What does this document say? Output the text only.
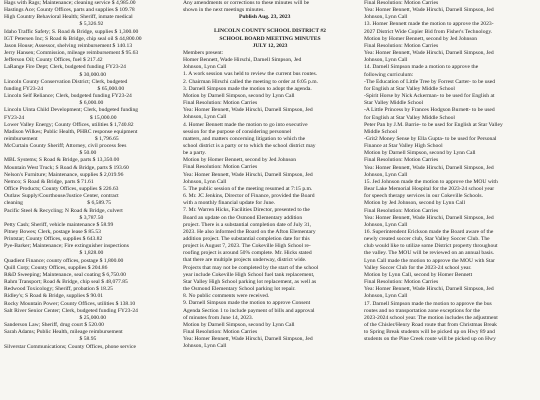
Hags with Rags; Maintenance; cleaning service $ 4,985.00
Hastings Ace; County Offices, parts and supplies $ 109.78
High Country Behavioral Health; Sheriff, inmate medical
$ 5,326.92
Idaho Traffic Safety; S. Road & Bridge, supplies $ 1,300.00
IGT Petersen Inc; S Road & Bridge, chip seal oil $ 44,800.00
Jason House; Assessor, shelving reimbursement $ 140.13
Jerry Hansen; Commission, mileage reimbursement $ 95.63
Jefferson Oil; County Offices, fuel $ 217.42
LaRange Fire Dept; Clerk, budgeted funding FY23-24
$ 30,000.00
Lincoln County Conservation District; Clerk, budgeted
funding FY23-24                                       $ 65,000.00
Lincoln Self Reliance; Clerk, budgeted funding FY23-24
$ 6,000.00
Lincoln Uinta Child Development; Clerk, budgeted funding
FY23-24                                               $ 15,000.00
Lower Valley Energy; County Offices, utilities $ 1,740.82
Madison Wilkes; Public Health, PHRC response equipment
reimbursement                                         $ 1,796.65
McCurtain County Sheriff; Attorney, civil process fees
$ 50.00
MBL Systems; S Road & Bridge, parts $ 13,350.00
Mountain West Truck; S Road & Bridge, parts $ 193.60
Nelson's Furniture; Maintenance, supplies $ 2,019.96
Nemco; S Road & Bridge, parts $ 71.61
Office Products; County Offices, supplies $ 226.63
Outlaw Supply/Courthouse/Justice Center, contract
cleaning                                              $ 6,589.75
Pacific Steel & Recycling; N Road & Bridge, culvert
$ 3,787.50
Petty Cash; Sheriff, vehicle maintenance $ 58.99
Pitney Bowes; Clerk, postage lease $ 85.53
Printstar; County Offices, supplies $ 643.82
Pye-Barker; Maintenance; Fire extinguisher inspections
$ 1,828.00
Quadient Finance; county offices, postage $ 1,800.00
Quill Corp; County Offices, supplies $ 204.86
R&D Sweeping; Maintenance, seal coating $ 6,750.00
Rahm Transport; Road & Bridge, chip seal $ 48,077.85
Redwood Toxicology; Sheriff, probation $ 18.25
Ridley's; S Road & Bridge, supplies $ 90.01
Rocky Mountain Power; County Offices, utilities $ 138.10
Salt River Senior Center; Clerk, budgeted funding FY23-24
$ 25,000.00
Sanderson Law; Sheriff, drug court $ 520.00
Sarah Adams; Public Health, mileage reimbursement
$ 58.95
Silverstar Communications; County Offices, phone service
Any amendments or corrections to these minutes will be
shown in the next meetings minutes.
Publish Aug. 23, 2023
LINCOLN COUNTY SCHOOL DISTRICT #2
SCHOOL BOARD MEETING MINUTES
JULY 12, 2023
Members present:
Homer Bennett, Wade Hirschi, Darnell Simpson, Jed
Johnson, Lynn Call
1. A work session was held to review the current bus routes.
2. Chairman Hirschi called the meeting to order at 6:05 p.m.
3. Darnell Simpson made the motion to adopt the agenda.
Motion by Darnell Simpson, second by Lynn Call
Final Resolution: Motion Carries
Yea: Homer Bennett, Wade Hirschi, Darnell Simpson, Jed
Johnson, Lynn Call
4. Homer Bennett made the motion to go into executive
session for the purpose of considering personnel
matters, and matters concerning litigation to which the
school district is a party or to which the school district may
be a party.
Motion by Homer Bennett, second by Jed Johnson
Final Resolution: Motion Carries
Yea: Homer Bennett, Wade Hirschi, Darnell Simpson, Jed
Johnson, Lynn Call
5. The public session of the meeting resumed at 7:15 p.m.
6. Mr. JC Jenkins, Director of Finance, provided the Board
with a monthly financial update for June.
7. Mr. Warren Hicks, Facilities Director, presented to the
Board an update on the Osmond Elementary addition
project. There is a substantial completion date of July 31,
2023. He also informed the Board on the Afton Elementary
addition project. The substantial completion date for this
project is August 7, 2023. The Cokeville High School re-
roofing project is around 50% complete. Mr. Hicks stated
that there are multiple projects underway, district wide.
Projects that may not be completed by the start of the school
year include Cokeville High School fuel tank replacement,
Star Valley High School parking lot replacement, as well as
the Osmond Elementary School parking lot repair.
8. No public comments were received.
9. Darnell Simpson made the motion to approve Consent
Agenda Section 1 to include payment of bills and approval
of minutes from June 14, 2023.
Motion by Darnell Simpson, second by Lynn Call
Final Resolution: Motion Carries
Yea: Homer Bennett, Wade Hirschi, Darnell Simpson, Jed
Johnson, Lynn Call
Final Resolution: Motion Carries
Yea: Homer Bennett, Wade Hirschi, Darnell Simpson, Jed
Johnson, Lynn Call
13. Homer Bennett made the motion to approve the 2023-
2027 District Wide Copier Bid from Fisher's Technology.
Motion by Homer Bennett, second by Jed Johnson
Final Resolution: Motion Carries
Yea: Homer Bennett, Wade Hirschi, Darnell Simpson, Jed
Johnson, Lynn Call
14. Darnell Simpson made a motion to approve the
following curriculum:
-The Education of Little Tree by Forrest Carter- to be used
for English at Star Valley Middle School
-Spirit Horse by Nick Ackerman- to be used for English at
Star Valley Middle School
-A Little Princess by Frances Hodgson Burnett- to be used
for English at Star Valley Middle School
Peter Pan by J.M. Barrie- to be used for English at Star Valley
Middle School
-Grit2 Money Sense by Ella Gupta- to be used for Personal
Finance at Star Valley High School
Motion by Darnell Simpson, second by Lynn Call
Final Resolution: Motion Carries
Yea: Homer Bennett, Wade Hirschi, Darnell Simpson, Jed
Johnson, Lynn Call
15. Jed Johnson made the motion to approve the MOU with
Bear Lake Memorial Hospital for the 2023-24 school year
for speech therapy services in our Cokeville Schools.
Motion by Jed Johnson, second by Lynn Call
Final Resolution: Motion Carries
Yea: Homer Bennett, Wade Hirschi, Darnell Simpson, Jed
Johnson, Lynn Call
16. Superintendent Erickson made the Board aware of the
newly created soccer club, Star Valley Soccer Club. The
club would like to utilize some District property throughout
the valley. The MOU will be reviewed on an annual basis.
Lynn Call made the motion to approve the MOU with Star
Valley Soccer Club for the 2023-24 school year.
Motion by Lynn Call, second by Homer Bennett
Final Resolution: Motion Carries
Yea: Homer Bennett, Wade Hirschi, Darnell Simpson, Jed
Johnson, Lynn Call
17. Darnell Simpson made the motion to approve the bus
routes and no transportation zone exceptions for the
2023-2024 school year. The motion includes the adjustment
of the Chisler/Henry Road route that from Christmas Break
to Spring Break students will be picked up on Hwy 89 and
students on the Pine Creek route will be picked up on Hwy
